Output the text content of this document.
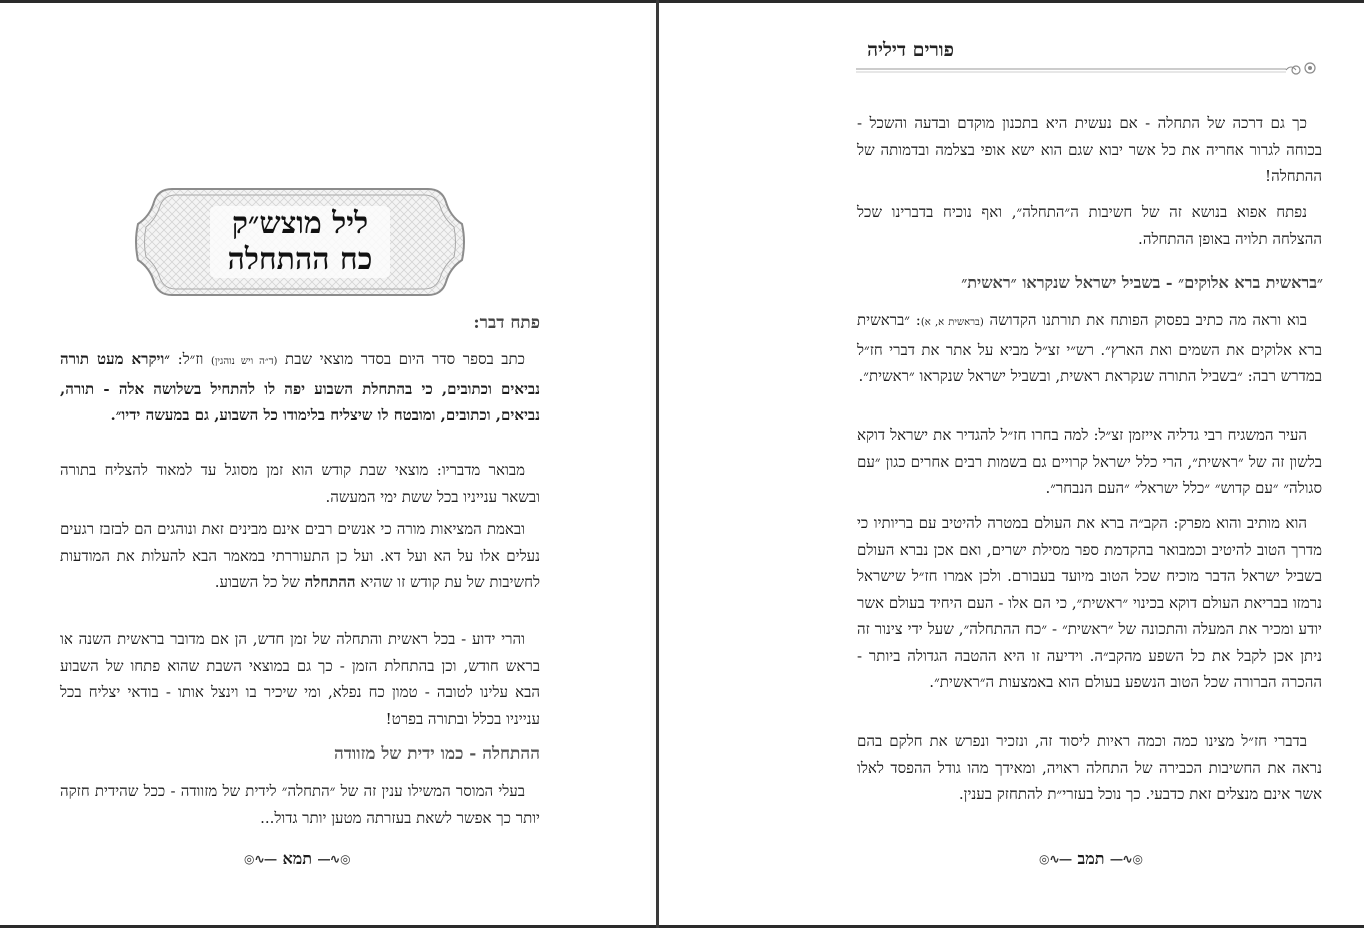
ליל מוצש״ק
כח ההתחלה
פתח דבר:

 כתב בספר סדר היום בסדר מוצאי שבת (ד״ה ויש נוהגין) וז״ל: ״ויקרא מעט תורה נביאים וכתובים, כי בהתחלת השבוע יפה לו להתחיל בשלושה אלה - תורה, נביאים, וכתובים, ומובטח לו שיצליח בלימודו כל השבוע, גם במעשה ידיו״.

 מבואר מדבריו: מוצאי שבת קודש הוא זמן מסוגל עד למאוד להצליח בתורה ובשאר ענייניו בכל ששת ימי המעשה.

 ובאמת המציאות מורה כי אנשים רבים אינם מבינים זאת ונוהגים הם לבזבז רגעים נעלים אלו על הא ועל דא. ועל כן התעוררתי במאמר הבא להעלות את המודעות לחשיבות של עת קודש זו שהיא ההתחלה של כל השבוע.

 והרי ידוע - בכל ראשית והתחלה של זמן חדש, הן אם מדובר בראשית השנה או בראש חודש, וכן בהתחלת הזמן - כך גם במוצאי השבת שהוא פתחו של השבוע הבא עלינו לטובה - טמון כח נפלא, ומי שיכיר בו וינצל אותו - בודאי יצליח בכל ענייניו בכלל ובתורה בפרט!

ההתחלה - כמו ידית של מזוודה

 בעלי המוסר המשילו ענין זה של ״התחלה״ לידית של מזוודה - ככל שהידית חזקה יותר כך אפשר לשאת בעזרתה מטען יותר גדול...

◎∿―
תמא
―∿◎
פורים דיליה

 כך גם דרכה של התחלה - אם נעשית היא בתכנון מוקדם ובדעה והשכל - בכוחה לגרור אחריה את כל אשר יבוא שגם הוא ישא אופי בצלמה ובדמותה של ההתחלה!

 נפתח אפוא בנושא זה של חשיבות ה״התחלה״, ואף נוכיח בדברינו שכל ההצלחה תלויה באופן ההתחלה.

״בראשית ברא אלוקים״ - בשביל ישראל שנקראו ״ראשית״

 בוא וראה מה כתיב בפסוק הפותח את תורתנו הקדושה (בראשית א, א): ״בראשית ברא אלוקים את השמים ואת הארץ״. רש״י זצ״ל מביא על אתר את דברי חז״ל במדרש רבה: ״בשביל התורה שנקראת ראשית, ובשביל ישראל שנקראו ״ראשית״.

 העיר המשגיח רבי גדליה אייזמן זצ״ל: למה בחרו חז״ל להגדיר את ישראל דוקא בלשון זה של ״ראשית״, הרי כלל ישראל קרויים גם בשמות רבים אחרים כגון ״עם סגולה״ ״עם קדוש״ ״כלל ישראל״ ״העם הנבחר״.

 הוא מותיב והוא מפרק: הקב״ה ברא את העולם במטרה להיטיב עם בריותיו כי מדרך הטוב להיטיב וכמבואר בהקדמת ספר מסילת ישרים, ואם אכן נברא העולם בשביל ישראל הדבר מוכיח שכל הטוב מיועד בעבורם. ולכן אמרו חז״ל שישראל נרמזו בבריאת העולם דוקא בכינוי ״ראשית״, כי הם אלו - העם היחיד בעולם אשר יודע ומכיר את המעלה והתכונה של ״ראשית״ - ״כח ההתחלה״, שעל ידי צינור זה ניתן אכן לקבל את כל השפע מהקב״ה. וידיעה זו היא ההטבה הגדולה ביותר - ההכרה הברורה שכל הטוב הנשפע בעולם הוא באמצעות ה״ראשית״.

 בדברי חז״ל מצינו כמה וכמה ראיות ליסוד זה, ונזכיר ונפרש את חלקם בהם נראה את החשיבות הכבירה של התחלה ראויה, ומאידך מהו גודל ההפסד לאלו אשר אינם מנצלים זאת כדבעי. כך נוכל בעזרי״ת להתחזק בענין.

◎∿―
תמב
―∿◎
